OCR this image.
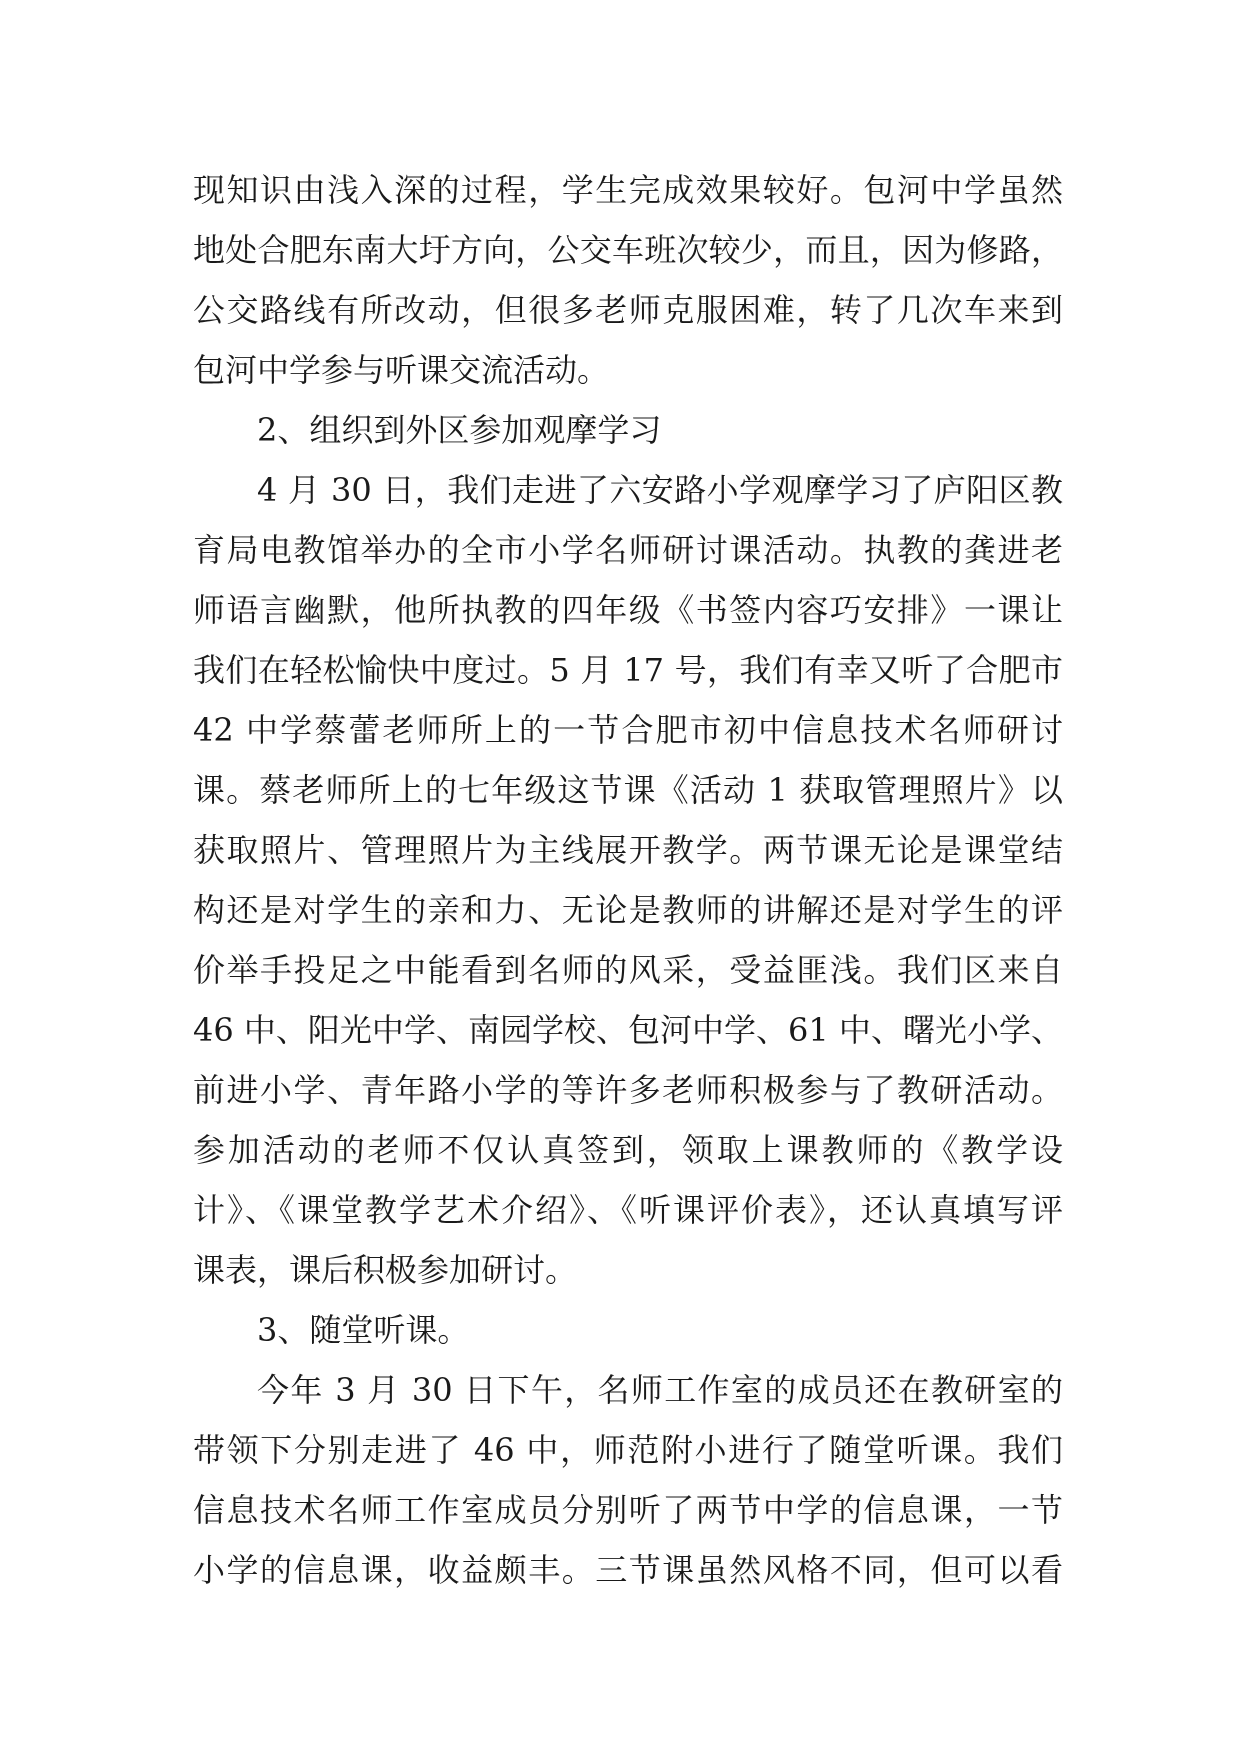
现知识由浅入深的过程，学生完成效果较好。包河中学虽然
地处合肥东南大圩方向，公交车班次较少，而且，因为修路，
公交路线有所改动，但很多老师克服困难，转了几次车来到
包河中学参与听课交流活动。
2、组织到外区参加观摩学习
4 月 30 日，我们走进了六安路小学观摩学习了庐阳区教
育局电教馆举办的全市小学名师研讨课活动。执教的龚进老
师语言幽默，他所执教的四年级《书签内容巧安排》一课让
我们在轻松愉快中度过。5 月 17 号，我们有幸又听了合肥市
42 中学蔡蕾老师所上的一节合肥市初中信息技术名师研讨
课。蔡老师所上的七年级这节课《活动 1 获取管理照片》以
获取照片、管理照片为主线展开教学。两节课无论是课堂结
构还是对学生的亲和力、无论是教师的讲解还是对学生的评
价举手投足之中能看到名师的风采，受益匪浅。我们区来自
46 中、阳光中学、南园学校、包河中学、61 中、曙光小学、
前进小学、青年路小学的等许多老师积极参与了教研活动。
参加活动的老师不仅认真签到，领取上课教师的《教学设
计》、《课堂教学艺术介绍》、《听课评价表》，还认真填写评
课表，课后积极参加研讨。
3、随堂听课。
今年 3 月 30 日下午，名师工作室的成员还在教研室的
带领下分别走进了 46 中，师范附小进行了随堂听课。我们
信息技术名师工作室成员分别听了两节中学的信息课，一节
小学的信息课，收益颇丰。三节课虽然风格不同，但可以看
